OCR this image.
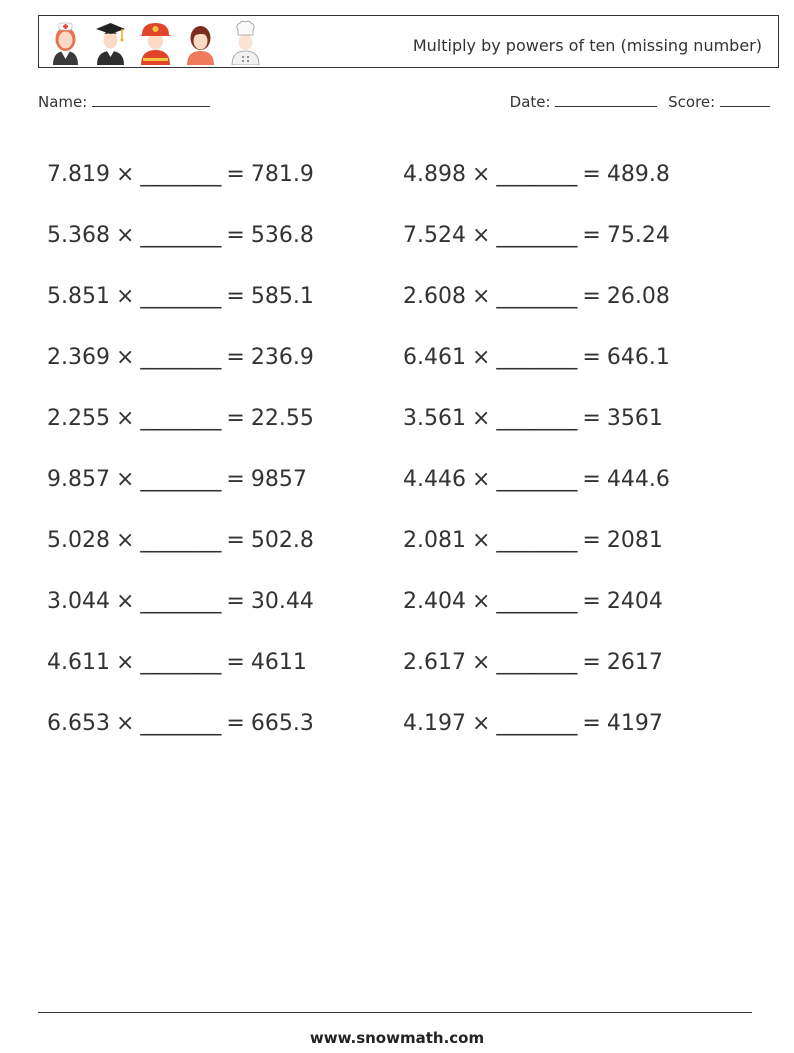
Multiply by powers of ten (missing number)
Name:	Date:	Score:
7.819 × ________ = 781.9	4.898 × ________ = 489.8
5.368 × ________ = 536.8	7.524 × ________ = 75.24
5.851 × ________ = 585.1	2.608 × ________ = 26.08
2.369 × ________ = 236.9	6.461 × ________ = 646.1
2.255 × ________ = 22.55	3.561 × ________ = 3561
9.857 × ________ = 9857	4.446 × ________ = 444.6
5.028 × ________ = 502.8	2.081 × ________ = 2081
3.044 × ________ = 30.44	2.404 × ________ = 2404
4.611 × ________ = 4611	2.617 × ________ = 2617
6.653 × ________ = 665.3	4.197 × ________ = 4197
www.snowmath.com
